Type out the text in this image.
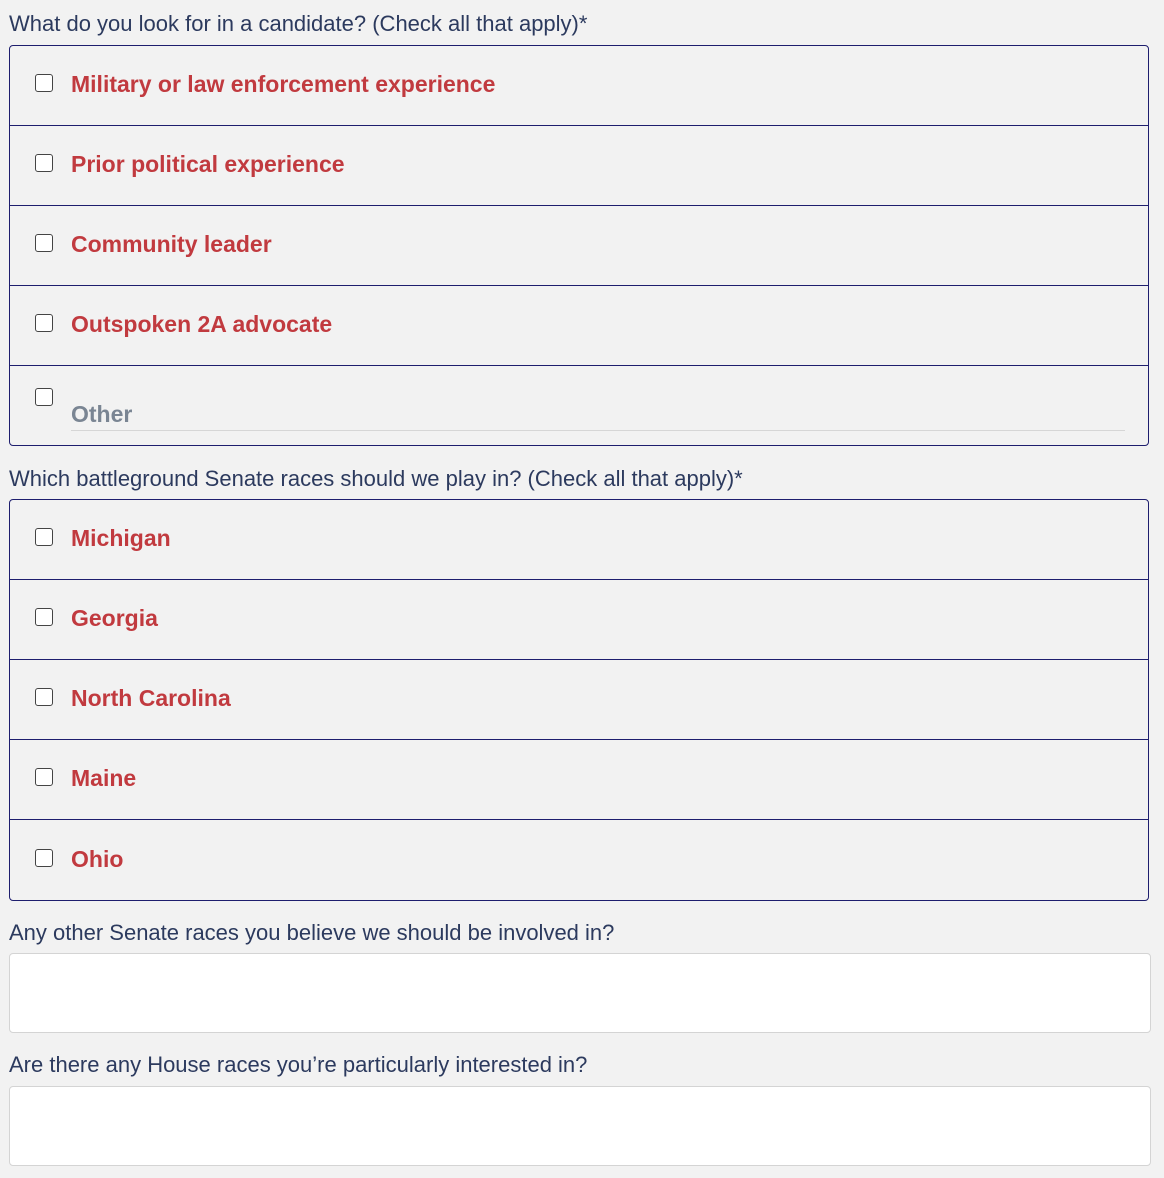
What do you look for in a candidate? (Check all that apply)*
Military or law enforcement experience
Prior political experience
Community leader
Outspoken 2A advocate
Other
Which battleground Senate races should we play in? (Check all that apply)*
Michigan
Georgia
North Carolina
Maine
Ohio
Any other Senate races you believe we should be involved in?
Are there any House races you’re particularly interested in?
